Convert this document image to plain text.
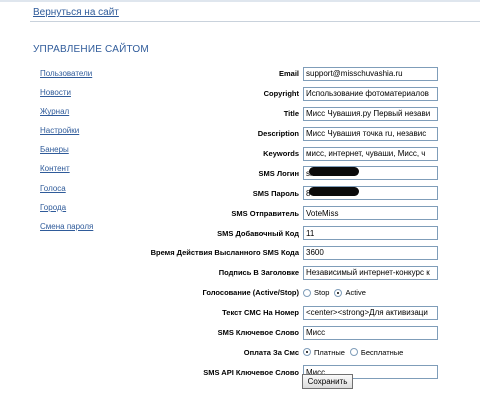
Вернуться на сайт
УПРАВЛЕНИЕ САЙТОМ
Пользователи
Новости
Журнал
Настройки
Банеры
Контент
Голоса
Города
Смена пароля
Email
support@misschuvashia.ru
Copyright
Использование фотоматериалов
Title
Мисс Чувашия.ру Первый незави
Description
Мисс Чувашия точка ru, независ
Keywords
мисс, интернет, чуваши, Мисс, ч
SMS Логин
sn
SMS Пароль
8
SMS Отправитель
VoteMiss
SMS Добавочный Код
11
Время Действия Высланного SMS Кода
3600
Подпись В Заголовке
Независимый интернет-конкурс к
Голосование (Active/Stop)	Stop Active
Текст СМС На Номер
<center><strong>Для активизаци
SMS Ключевое Слово
Мисс
Оплата За Смс	Платные Бесплатные
SMS API Ключевое Слово
Мисс
Сохранить
